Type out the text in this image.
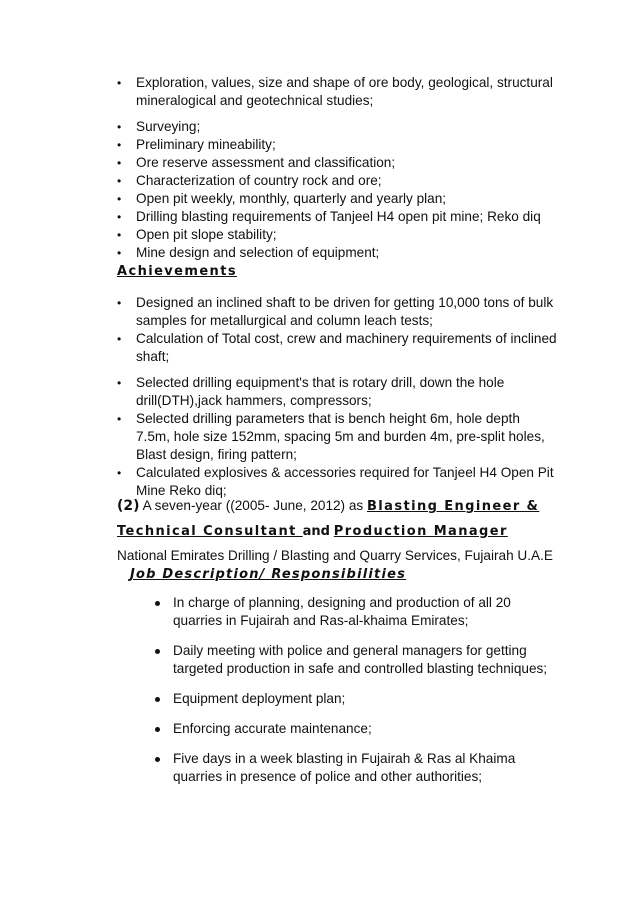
• Exploration, values, size and shape of ore body, geological, structural mineralogical and geotechnical studies;
• Surveying;
• Preliminary mineability;
• Ore reserve assessment and classification;
• Characterization of country rock and ore;
• Open pit weekly, monthly, quarterly and yearly plan;
• Drilling blasting requirements of Tanjeel H4 open pit mine; Reko diq
• Open pit slope stability;
• Mine design and selection of equipment;
Achievements
• Designed an inclined shaft to be driven for getting 10,000 tons of bulk samples for metallurgical and column leach tests;
• Calculation of Total cost, crew and machinery requirements of inclined shaft;
• Selected drilling equipment's that is rotary drill, down the hole drill(DTH),jack hammers, compressors;
• Selected drilling parameters that is bench height 6m, hole depth 7.5m, hole size 152mm, spacing 5m and burden 4m, pre-split holes, Blast design, firing pattern;
• Calculated explosives & accessories required for Tanjeel H4 Open Pit Mine Reko diq;
(2) A seven-year ((2005- June, 2012) as Blasting Engineer & Technical Consultant and Production Manager National Emirates Drilling / Blasting and Quarry Services, Fujairah U.A.E
Job Description/ Responsibilities
In charge of planning, designing and production of all 20 quarries in Fujairah and Ras-al-khaima Emirates;
Daily meeting with police and general managers for getting targeted production in safe and controlled blasting techniques;
Equipment deployment plan;
Enforcing accurate maintenance;
Five days in a week blasting in Fujairah & Ras al Khaima quarries in presence of police and other authorities;
